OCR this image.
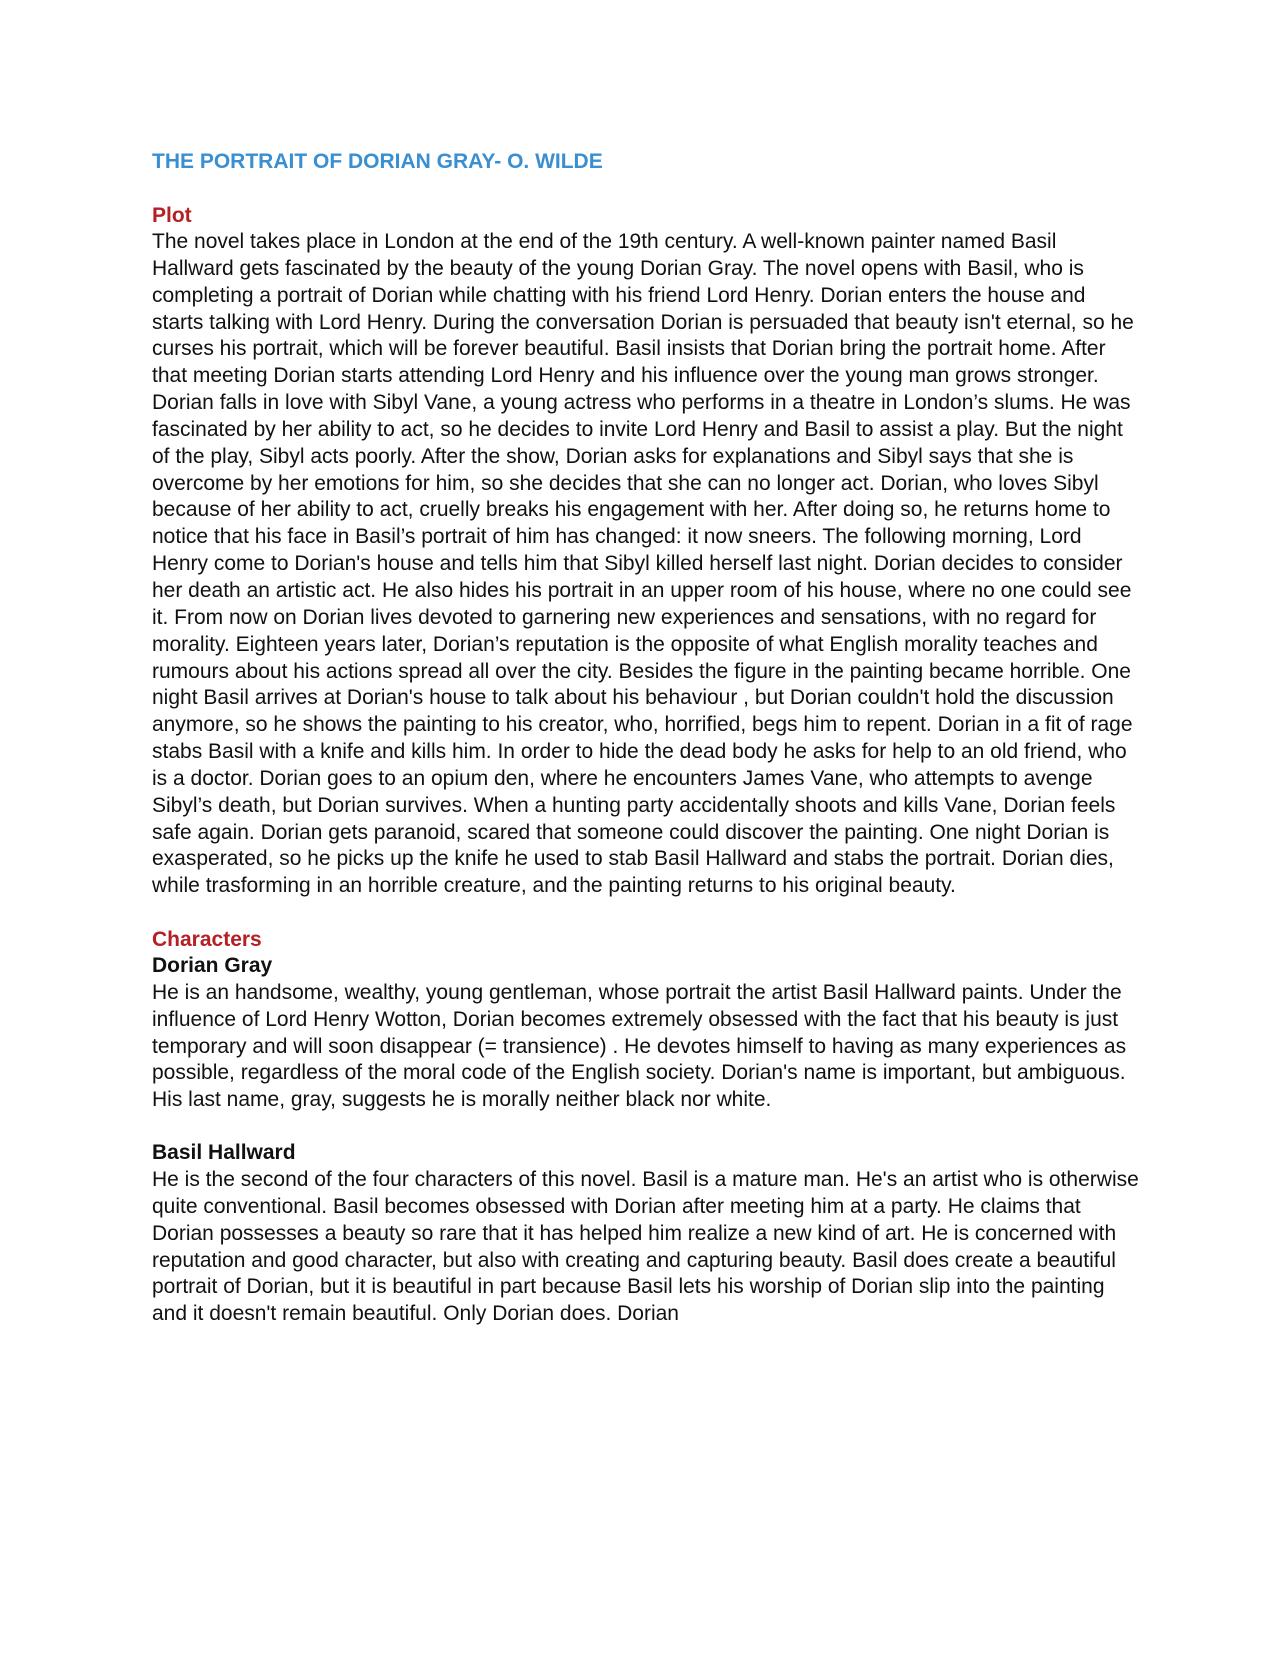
THE PORTRAIT OF DORIAN GRAY- O. WILDE
Plot

The novel takes place in London at the end of the 19th century. A well-known painter named Basil Hallward gets fascinated by the beauty of the young Dorian Gray. The novel opens with Basil, who is completing a portrait of Dorian while chatting with his friend Lord Henry. Dorian enters the house and starts talking with Lord Henry. During the conversation Dorian is persuaded that beauty isn't eternal, so he curses his portrait, which will be forever beautiful. Basil insists that Dorian bring the portrait home. After that meeting Dorian starts attending Lord Henry and his influence over the young man grows stronger. Dorian falls in love with Sibyl Vane, a young actress who performs in a theatre in London’s slums. He was fascinated by her ability to act, so he decides to invite Lord Henry and Basil to assist a play. But the night of the play, Sibyl acts poorly. After the show, Dorian asks for explanations and Sibyl says that she is overcome by her emotions for him, so she decides that she can no longer act. Dorian, who loves Sibyl because of her ability to act, cruelly breaks his engagement with her. After doing so, he returns home to notice that his face in Basil’s portrait of him has changed: it now sneers. The following morning, Lord Henry come to Dorian's house and tells him that Sibyl killed herself last night. Dorian decides to consider her death an artistic act. He also hides his portrait in an upper room of his house, where no one could see it. From now on Dorian lives devoted to garnering new experiences and sensations, with no regard for morality. Eighteen years later, Dorian’s reputation is the opposite of what English morality teaches and rumours about his actions spread all over the city. Besides the figure in the painting became horrible. One night Basil arrives at Dorian's house to talk about his behaviour , but Dorian couldn't hold the discussion anymore, so he shows the painting to his creator, who, horrified, begs him to repent. Dorian in a fit of rage stabs Basil with a knife and kills him. In order to hide the dead body he asks for help to an old friend, who is a doctor. Dorian goes to an opium den, where he encounters James Vane, who attempts to avenge Sibyl’s death, but Dorian survives. When a hunting party accidentally shoots and kills Vane, Dorian feels safe again. Dorian gets paranoid, scared that someone could discover the painting. One night Dorian is exasperated, so he picks up the knife he used to stab Basil Hallward and stabs the portrait. Dorian dies, while trasforming in an horrible creature, and the painting returns to his original beauty.

Characters

Dorian Gray

He is an handsome, wealthy, young gentleman, whose portrait the artist Basil Hallward paints. Under the influence of Lord Henry Wotton, Dorian becomes extremely obsessed with the fact that his beauty is just temporary and will soon disappear (= transience) . He devotes himself to having as many experiences as possible, regardless of the moral code of the English society. Dorian's name is important, but ambiguous. His last name, gray, suggests he is morally neither black nor white.

Basil Hallward

He is the second of the four characters of this novel. Basil is a mature man. He's an artist who is otherwise quite conventional. Basil becomes obsessed with Dorian after meeting him at a party. He claims that Dorian possesses a beauty so rare that it has helped him realize a new kind of art. He is concerned with reputation and good character, but also with creating and capturing beauty. Basil does create a beautiful portrait of Dorian, but it is beautiful in part because Basil lets his worship of Dorian slip into the painting and it doesn't remain beautiful. Only Dorian does. Dorian
